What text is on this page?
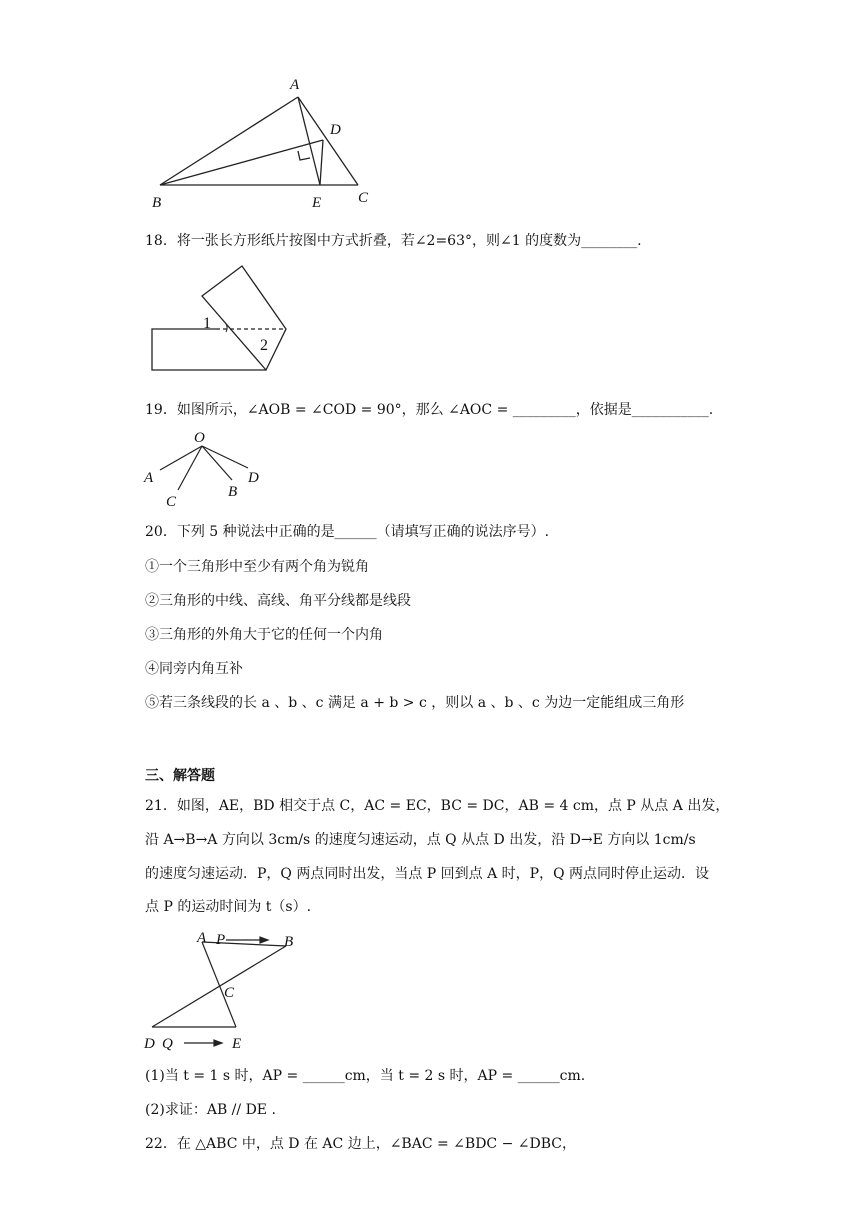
A
D
B	E C
18．将一张长方形纸片按图中方式折叠，若∠2=63°，则∠1 的度数为________.
1
2
19．如图所示，∠AOB = ∠COD = 90°，那么 ∠AOC = _________，依据是___________.
O
A
C
B
D
20．下列 5 种说法中正确的是______（请填写正确的说法序号）.
①一个三角形中至少有两个角为锐角
②三角形的中线、高线、角平分线都是线段
③三角形的外角大于它的任何一个内角
④同旁内角互补
⑤若三条线段的长 a 、b 、c 满足 a + b > c ，则以 a 、b 、c 为边一定能组成三角形
三、解答题
21．如图，AE，BD 相交于点 C，AC = EC，BC = DC，AB = 4 cm，点 P 从点 A 出发，
沿 A→B→A 方向以 3cm/s 的速度匀速运动，点 Q 从点 D 出发，沿 D→E 方向以 1cm/s
的速度匀速运动．P，Q 两点同时出发，当点 P 回到点 A 时，P，Q 两点同时停止运动．设
点 P 的运动时间为 t（s）.
A P	B
C
D Q	E
(1)当 t = 1 s 时，AP = ______cm，当 t = 2 s 时，AP = ______cm.
(2)求证：AB // DE .
22．在 △ABC 中，点 D 在 AC 边上，∠BAC = ∠BDC − ∠DBC，
